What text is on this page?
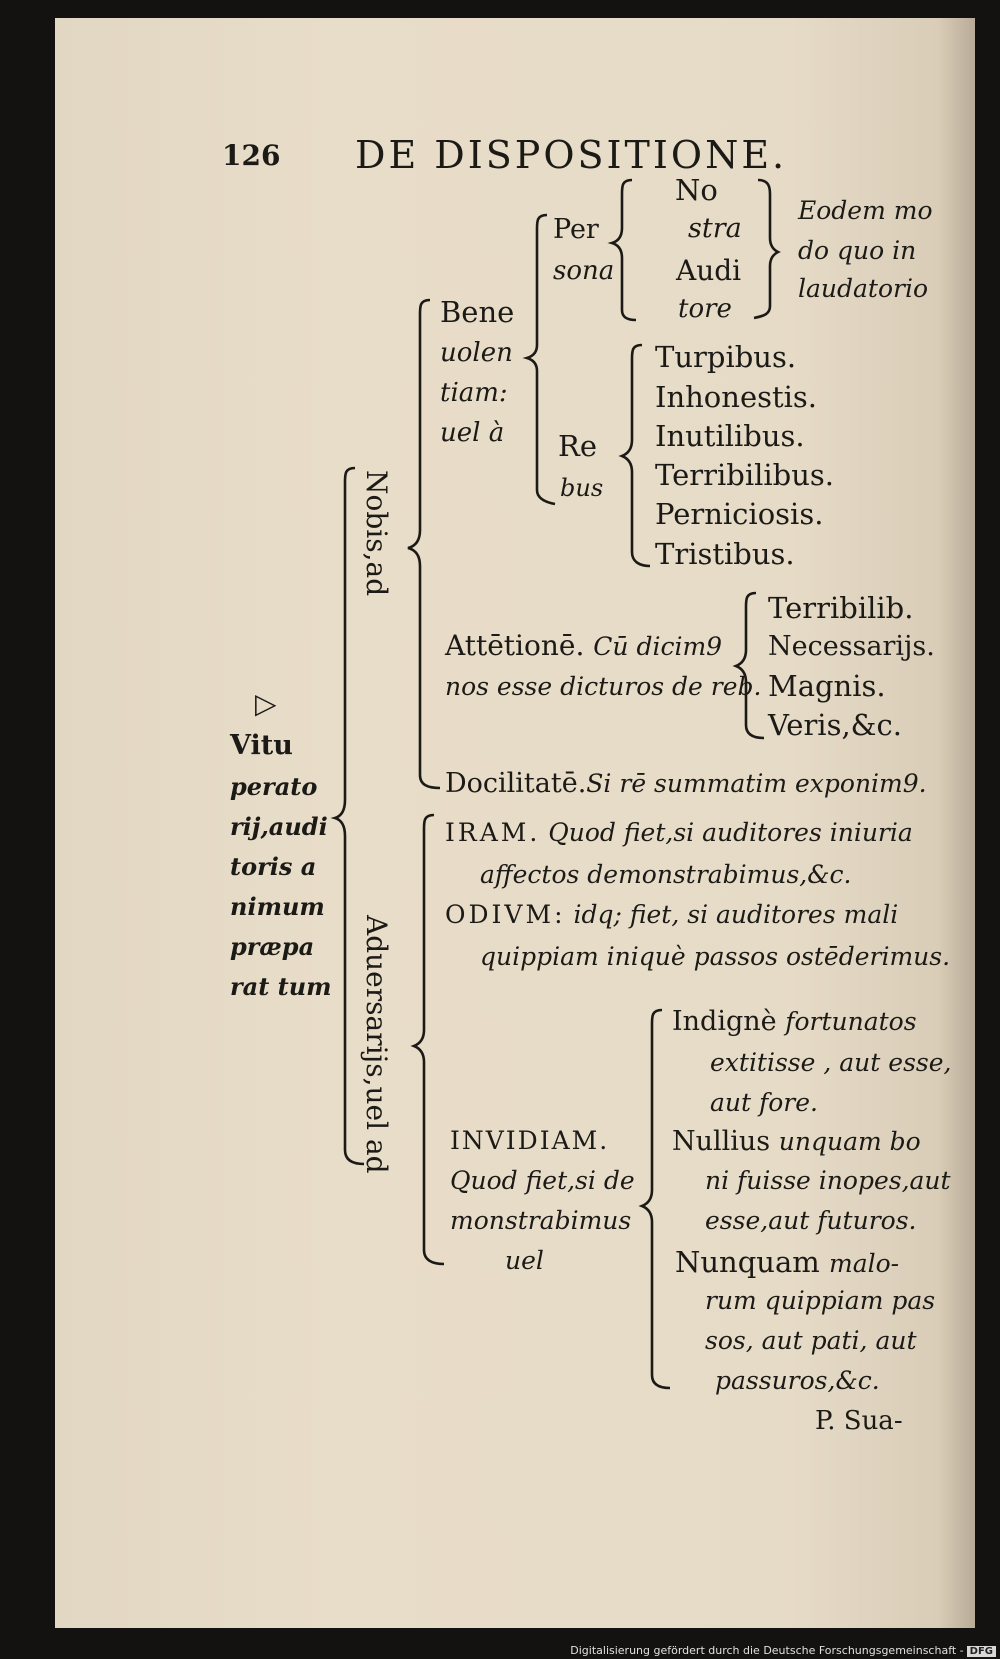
126 DE DISPOSITIONE.
Per
sona
No
stra
Audi
tore
Eodem mo
do quo in
laudatorio
Bene
uolen
tiam:
uel à Re
bus
Turpibus.
Inhonestis.
Inutilibus.
Terribilibus.
Perniciosis.
Tristibus.
Attētionē. Cū dicim9
nos esse dicturos de reb.
Terribilib.
Necessarijs.
Magnis.
Veris,&c.
Docilitatē.Si rē summatim exponim9.
▷
Vitu
perato
rij,audi
toris a
nimum
præpa
rat tum
Nobis,ad
Aduersarijs,uel ad
IRAM. Quod fiet,si auditores iniuria
affectos demonstrabimus,&c.
ODIVM: idq; fiet, si auditores mali
quippiam iniquè passos ostēderimus.
INVIDIAM.
Quod fiet,si de
monstrabimus
uel
Indignè fortunatos
extitisse , aut esse,
aut fore.
Nullius unquam bo
ni fuisse inopes,aut
esse,aut futuros.
Nunquam malo-
rum quippiam pas
sos, aut pati, aut
passuros,&c.
P. Sua-
Digitalisierung gefördert durch die Deutsche Forschungsgemeinschaft - DFG
